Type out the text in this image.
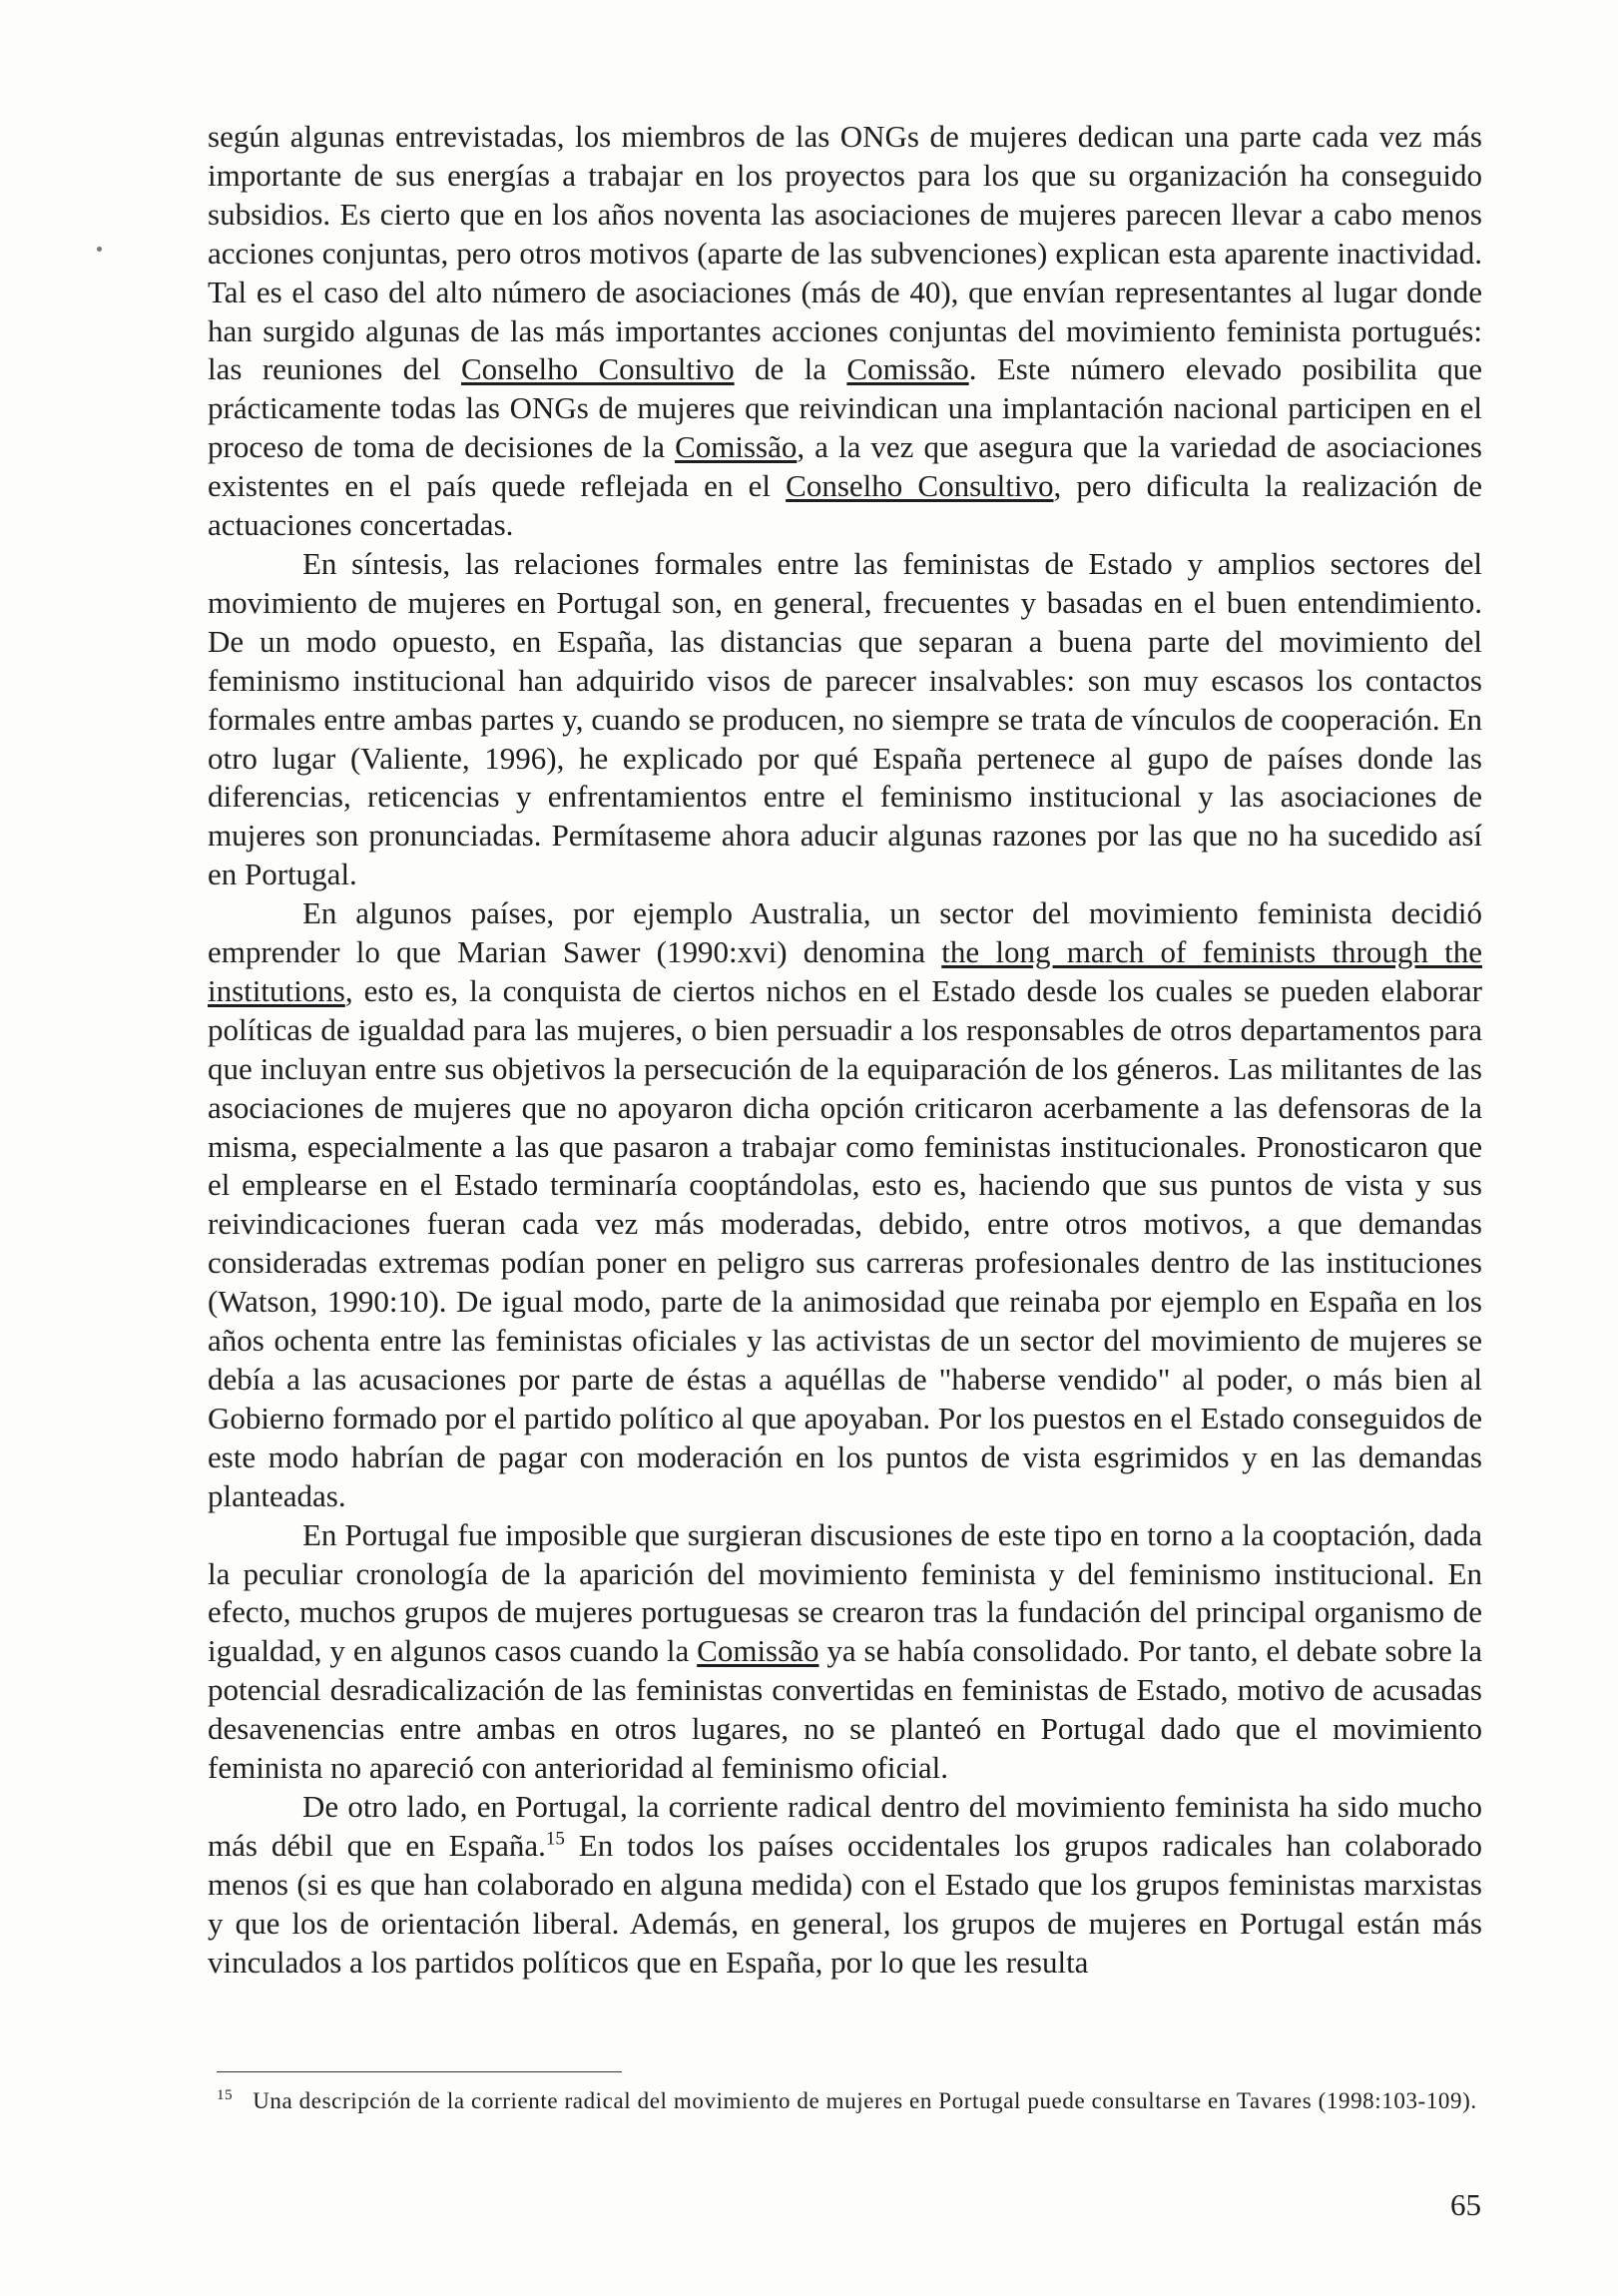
según algunas entrevistadas, los miembros de las ONGs de mujeres dedican una parte cada vez más importante de sus energías a trabajar en los proyectos para los que su organización ha conseguido subsidios. Es cierto que en los años noventa las asociaciones de mujeres parecen llevar a cabo menos acciones conjuntas, pero otros motivos (aparte de las subvenciones) explican esta aparente inactividad. Tal es el caso del alto número de asociaciones (más de 40), que envían representantes al lugar donde han surgido algunas de las más importantes acciones conjuntas del movimiento feminista portugués: las reuniones del Conselho Consultivo de la Comissão. Este número elevado posibilita que prácticamente todas las ONGs de mujeres que reivindican una implantación nacional participen en el proceso de toma de decisiones de la Comissão, a la vez que asegura que la variedad de asociaciones existentes en el país quede reflejada en el Conselho Consultivo, pero dificulta la realización de actuaciones concertadas.

En síntesis, las relaciones formales entre las feministas de Estado y amplios sectores del movimiento de mujeres en Portugal son, en general, frecuentes y basadas en el buen entendimiento. De un modo opuesto, en España, las distancias que separan a buena parte del movimiento del feminismo institucional han adquirido visos de parecer insalvables: son muy escasos los contactos formales entre ambas partes y, cuando se producen, no siempre se trata de vínculos de cooperación. En otro lugar (Valiente, 1996), he explicado por qué España pertenece al gupo de países donde las diferencias, reticencias y enfrentamientos entre el feminismo institucional y las asociaciones de mujeres son pronunciadas. Permítaseme ahora aducir algunas razones por las que no ha sucedido así en Portugal.

En algunos países, por ejemplo Australia, un sector del movimiento feminista decidió emprender lo que Marian Sawer (1990:xvi) denomina the long march of feminists through the institutions, esto es, la conquista de ciertos nichos en el Estado desde los cuales se pueden elaborar políticas de igualdad para las mujeres, o bien persuadir a los responsables de otros departamentos para que incluyan entre sus objetivos la persecución de la equiparación de los géneros. Las militantes de las asociaciones de mujeres que no apoyaron dicha opción criticaron acerbamente a las defensoras de la misma, especialmente a las que pasaron a trabajar como feministas institucionales. Pronosticaron que el emplearse en el Estado terminaría cooptándolas, esto es, haciendo que sus puntos de vista y sus reivindicaciones fueran cada vez más moderadas, debido, entre otros motivos, a que demandas consideradas extremas podían poner en peligro sus carreras profesionales dentro de las instituciones (Watson, 1990:10). De igual modo, parte de la animosidad que reinaba por ejemplo en España en los años ochenta entre las feministas oficiales y las activistas de un sector del movimiento de mujeres se debía a las acusaciones por parte de éstas a aquéllas de "haberse vendido" al poder, o más bien al Gobierno formado por el partido político al que apoyaban. Por los puestos en el Estado conseguidos de este modo habrían de pagar con moderación en los puntos de vista esgrimidos y en las demandas planteadas.

En Portugal fue imposible que surgieran discusiones de este tipo en torno a la cooptación, dada la peculiar cronología de la aparición del movimiento feminista y del feminismo institucional. En efecto, muchos grupos de mujeres portuguesas se crearon tras la fundación del principal organismo de igualdad, y en algunos casos cuando la Comissão ya se había consolidado. Por tanto, el debate sobre la potencial desradicalización de las feministas convertidas en feministas de Estado, motivo de acusadas desavenencias entre ambas en otros lugares, no se planteó en Portugal dado que el movimiento feminista no apareció con anterioridad al feminismo oficial.

De otro lado, en Portugal, la corriente radical dentro del movimiento feminista ha sido mucho más débil que en España.$^{15}$ En todos los países occidentales los grupos radicales han colaborado menos (si es que han colaborado en alguna medida) con el Estado que los grupos feministas marxistas y que los de orientación liberal. Además, en general, los grupos de mujeres en Portugal están más vinculados a los partidos políticos que en España, por lo que les resulta

$^{15}$ Una descripción de la corriente radical del movimiento de mujeres en Portugal puede consultarse en Tavares (1998:103-109).
65
